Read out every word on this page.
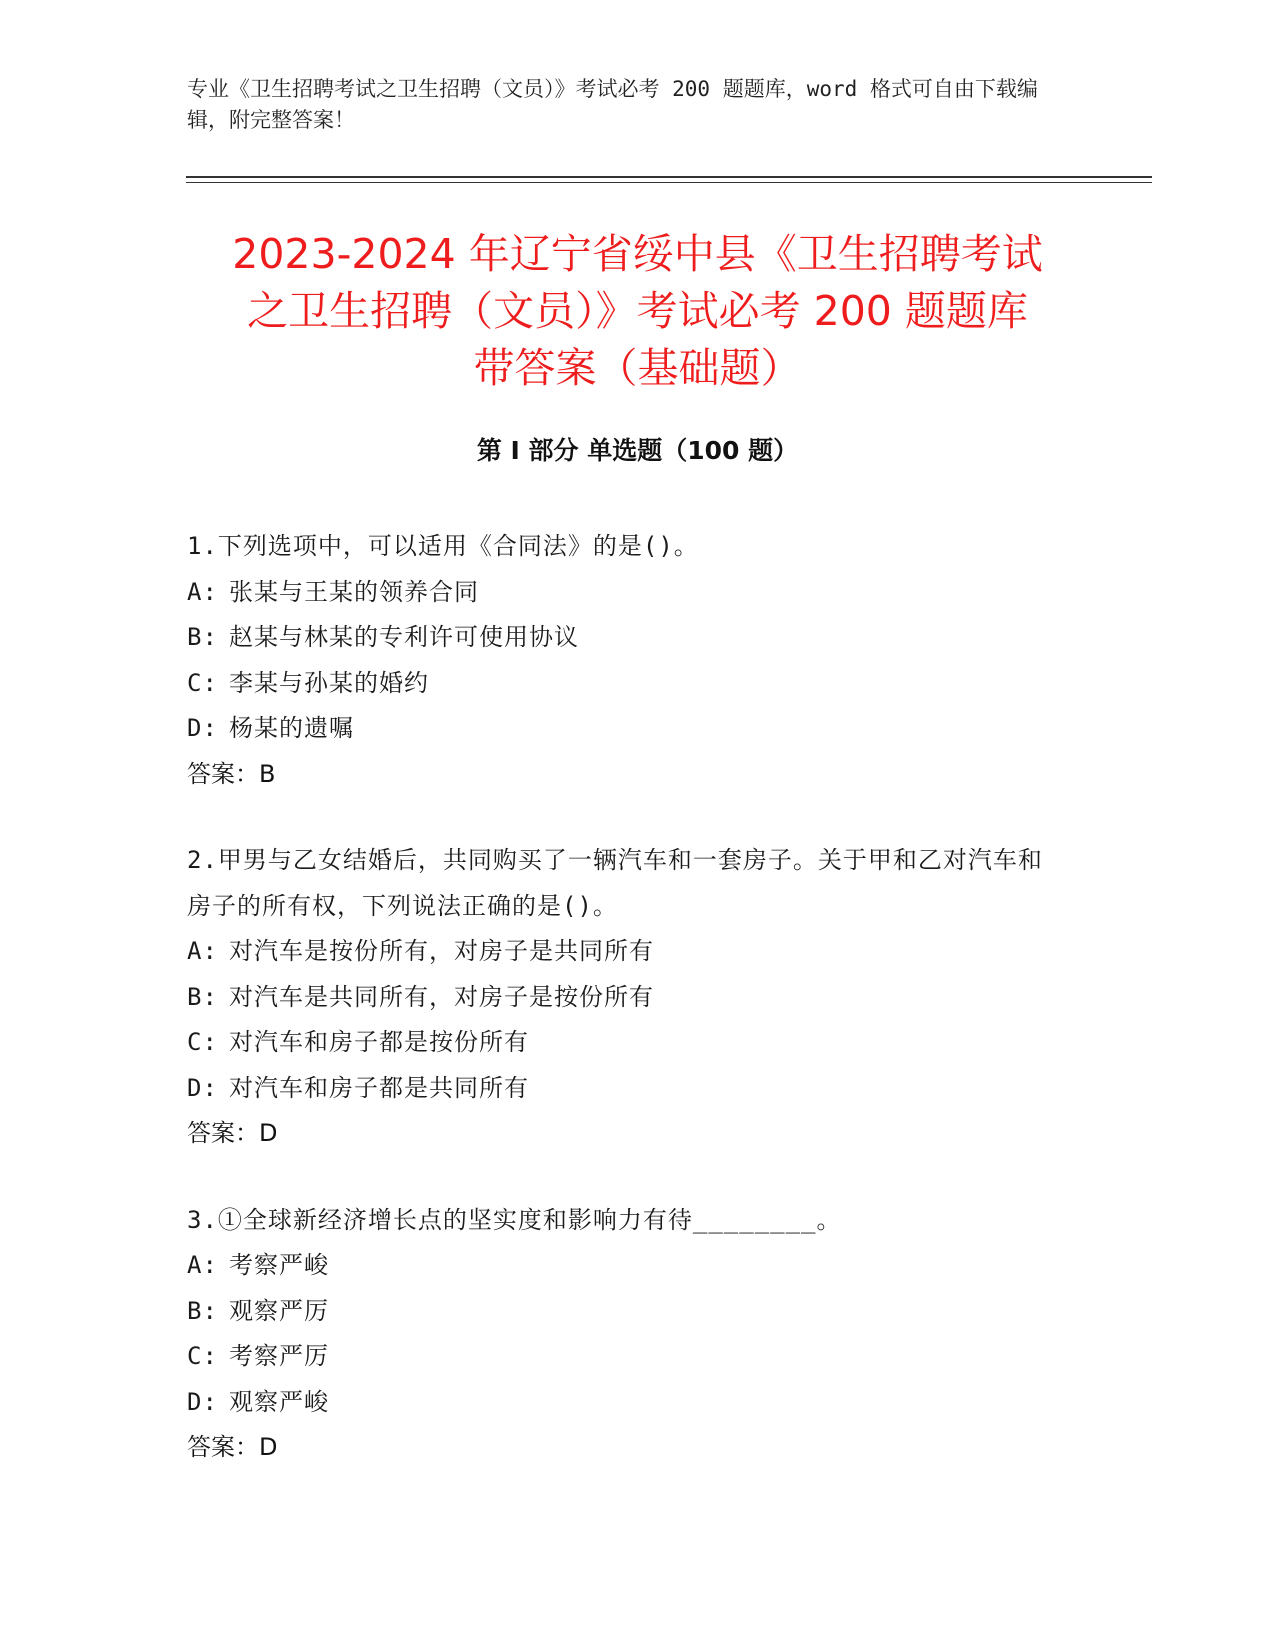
专业《卫生招聘考试之卫生招聘（文员）》考试必考 200 题题库，word 格式可自由下载编辑，附完整答案！
2023-2024 年辽宁省绥中县《卫生招聘考试
之卫生招聘（文员）》考试必考 200 题题库
带答案（基础题）
第 I 部分 单选题（100 题）
1.下列选项中，可以适用《合同法》的是()。
A: 张某与王某的领养合同
B: 赵某与林某的专利许可使用协议
C: 李某与孙某的婚约
D: 杨某的遗嘱
答案：B
2.甲男与乙女结婚后，共同购买了一辆汽车和一套房子。关于甲和乙对汽车和房子的所有权，下列说法正确的是()。
A: 对汽车是按份所有，对房子是共同所有
B: 对汽车是共同所有，对房子是按份所有
C: 对汽车和房子都是按份所有
D: 对汽车和房子都是共同所有
答案：D
3.①全球新经济增长点的坚实度和影响力有待________。
A: 考察严峻
B: 观察严厉
C: 考察严厉
D: 观察严峻
答案：D
